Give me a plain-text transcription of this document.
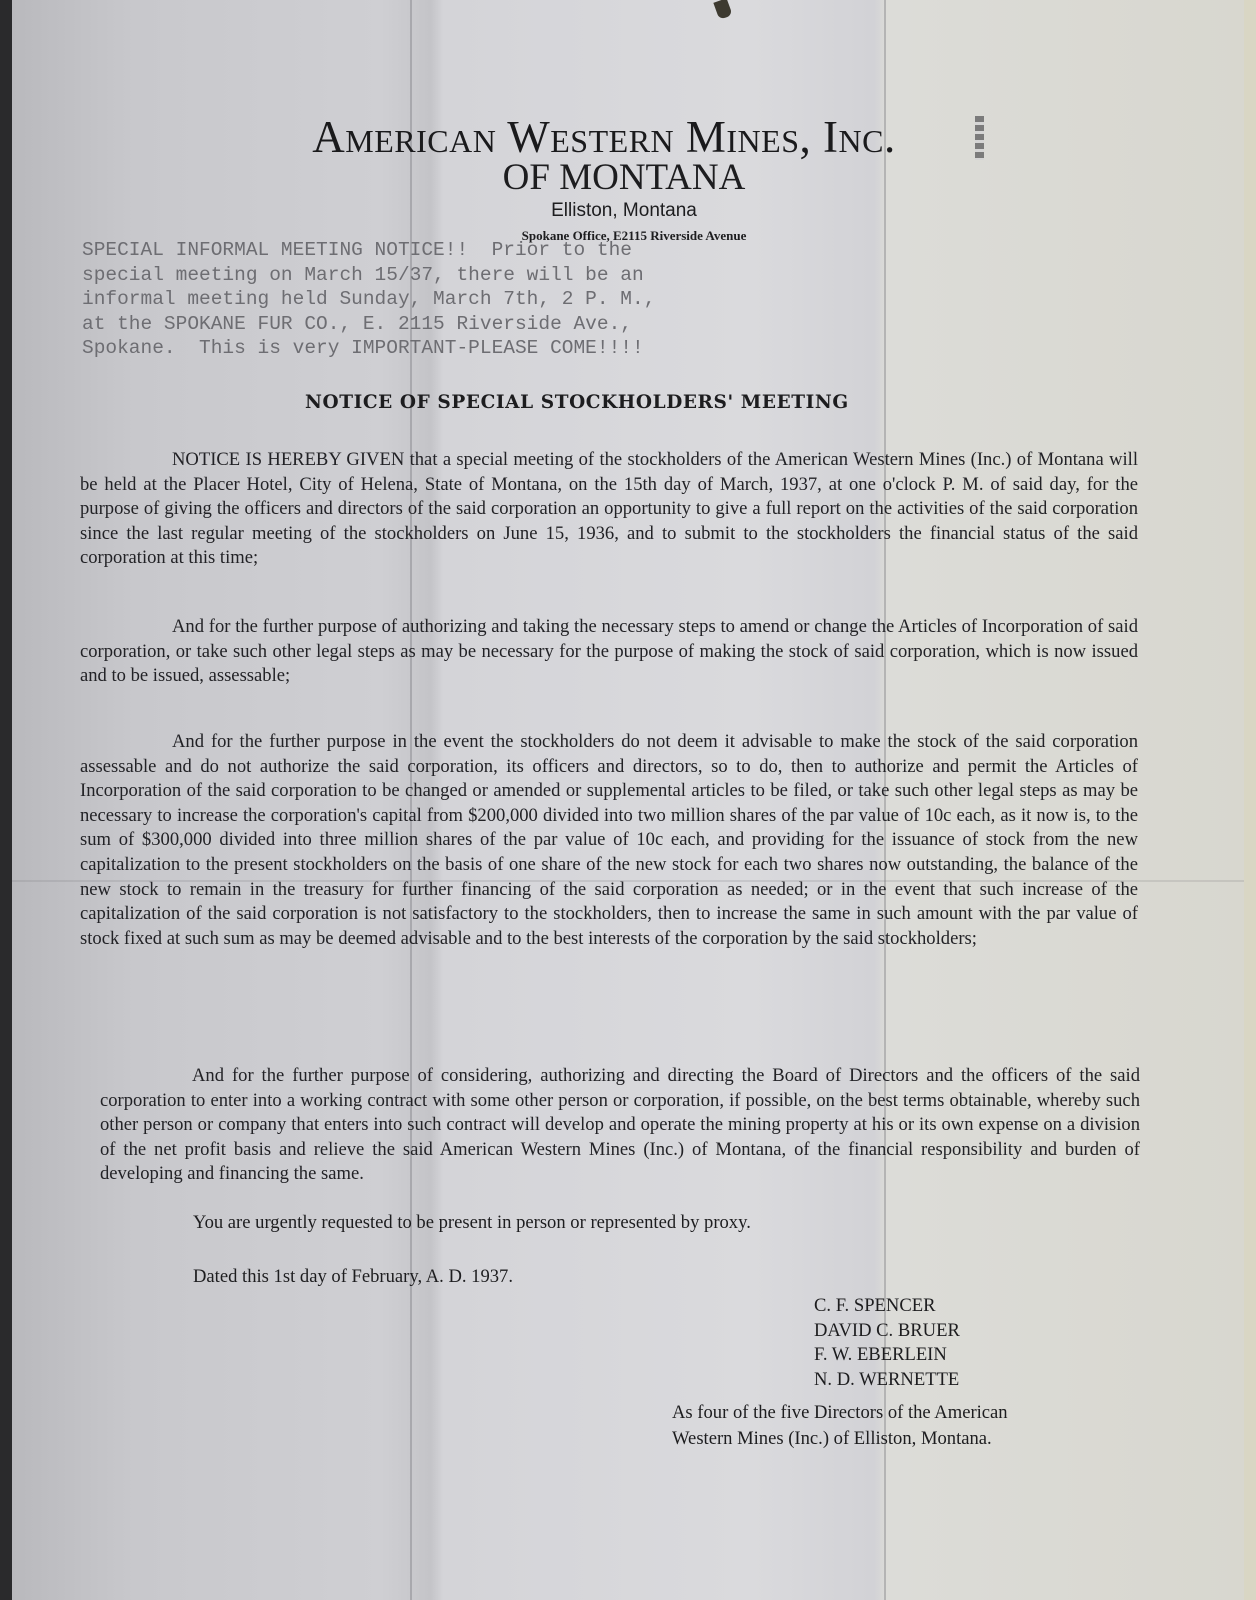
American Western Mines, Inc.
OF MONTANA
Elliston, Montana
Spokane Office, E2115 Riverside Avenue
SPECIAL INFORMAL MEETING NOTICE!!  Prior to the
special meeting on March 15/37, there will be an
informal meeting held Sunday, March 7th, 2 P. M.,
at the SPOKANE FUR CO., E. 2115 Riverside Ave.,
Spokane.  This is very IMPORTANT-PLEASE COME!!!!
NOTICE OF SPECIAL STOCKHOLDERS' MEETING

NOTICE IS HEREBY GIVEN that a special meeting of the stockholders of the American Western Mines (Inc.) of Montana will be held at the Placer Hotel, City of Helena, State of Montana, on the 15th day of March, 1937, at one o'clock P. M. of said day, for the purpose of giving the officers and directors of the said corporation an opportunity to give a full report on the activities of the said corporation since the last regular meeting of the stockholders on June 15, 1936, and to submit to the stockholders the financial status of the said corporation at this time;

And for the further purpose of authorizing and taking the necessary steps to amend or change the Articles of Incorporation of said corporation, or take such other legal steps as may be necessary for the purpose of making the stock of said corporation, which is now issued and to be issued, assessable;

And for the further purpose in the event the stockholders do not deem it advisable to make the stock of the said corporation assessable and do not authorize the said corporation, its officers and directors, so to do, then to authorize and permit the Articles of Incorporation of the said corporation to be changed or amended or supplemental articles to be filed, or take such other legal steps as may be necessary to increase the corporation's capital from $200,000 divided into two million shares of the par value of 10c each, as it now is, to the sum of $300,000 divided into three million shares of the par value of 10c each, and providing for the issuance of stock from the new capitalization to the present stockholders on the basis of one share of the new stock for each two shares now outstanding, the balance of the new stock to remain in the treasury for further financing of the said corporation as needed; or in the event that such increase of the capitalization of the said corporation is not satisfactory to the stockholders, then to increase the same in such amount with the par value of stock fixed at such sum as may be deemed advisable and to the best interests of the corporation by the said stockholders;

And for the further purpose of considering, authorizing and directing the Board of Directors and the officers of the said corporation to enter into a working contract with some other person or corporation, if possible, on the best terms obtainable, whereby such other person or company that enters into such contract will develop and operate the mining property at his or its own expense on a division of the net profit basis and relieve the said American Western Mines (Inc.) of Montana, of the financial responsibility and burden of developing and financing the same.

You are urgently requested to be present in person or represented by proxy.
Dated this 1st day of February, A. D. 1937.
C. F. SPENCER
DAVID C. BRUER
F. W. EBERLEIN
N. D. WERNETTE
As four of the five Directors of the American
Western Mines (Inc.) of Elliston, Montana.
